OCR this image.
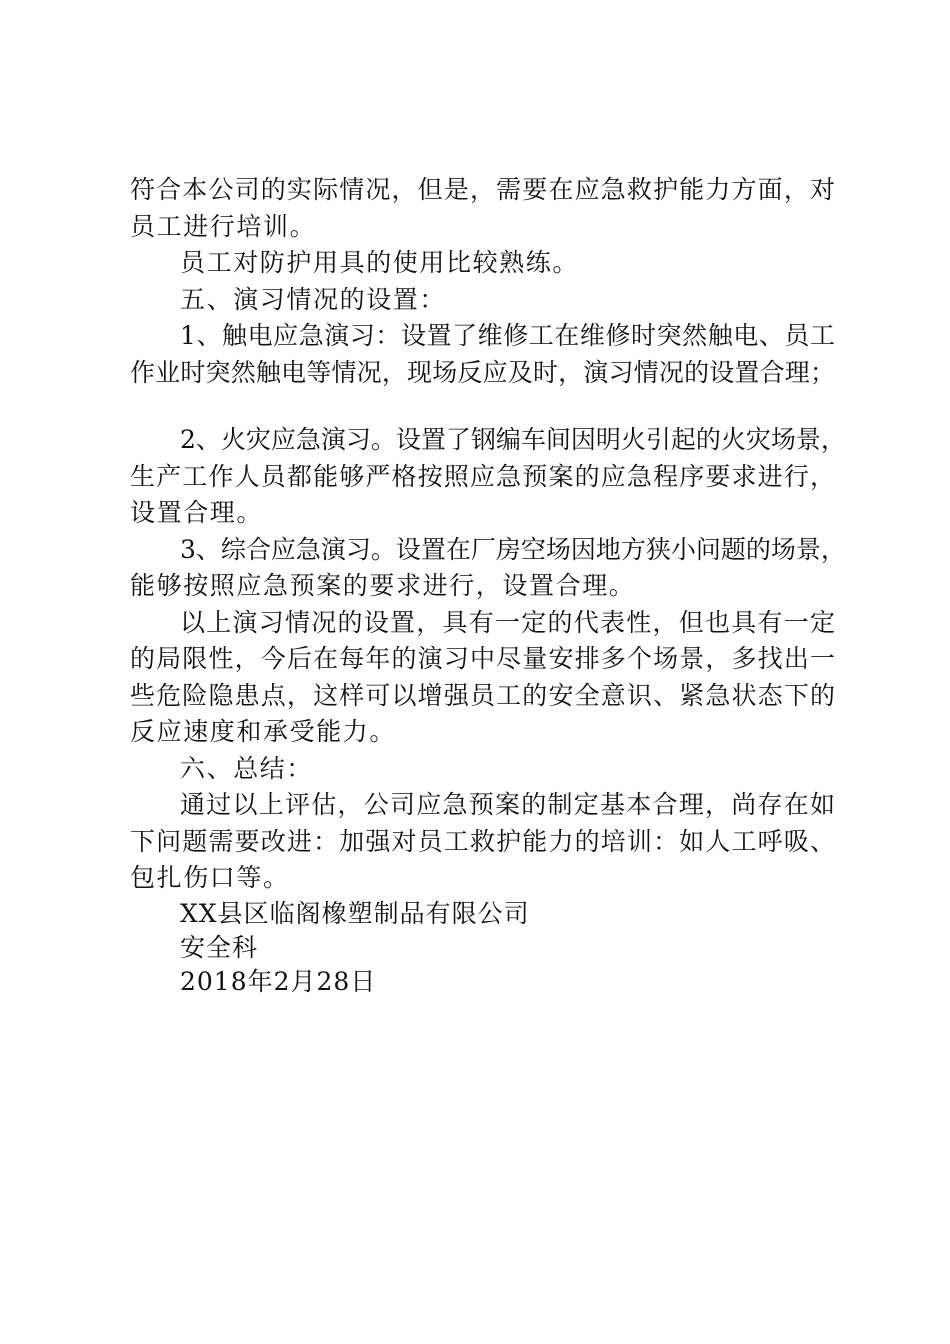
符合本公司的实际情况，但是，需要在应急救护能力方面，对
员工进行培训。
员工对防护用具的使用比较熟练。
五、演习情况的设置：
1、触电应急演习：设置了维修工在维修时突然触电、员工
作业时突然触电等情况，现场反应及时，演习情况的设置合理；
2、火灾应急演习。设置了钢编车间因明火引起的火灾场景，
生产工作人员都能够严格按照应急预案的应急程序要求进行，
设置合理。
3、综合应急演习。设置在厂房空场因地方狭小问题的场景，
能够按照应急预案的要求进行，设置合理。
以上演习情况的设置，具有一定的代表性，但也具有一定
的局限性，今后在每年的演习中尽量安排多个场景，多找出一
些危险隐患点，这样可以增强员工的安全意识、紧急状态下的
反应速度和承受能力。
六、总结：
通过以上评估，公司应急预案的制定基本合理，尚存在如
下问题需要改进：加强对员工救护能力的培训：如人工呼吸、
包扎伤口等。
XX县区临阁橡塑制品有限公司
安全科
2018年2月28日
